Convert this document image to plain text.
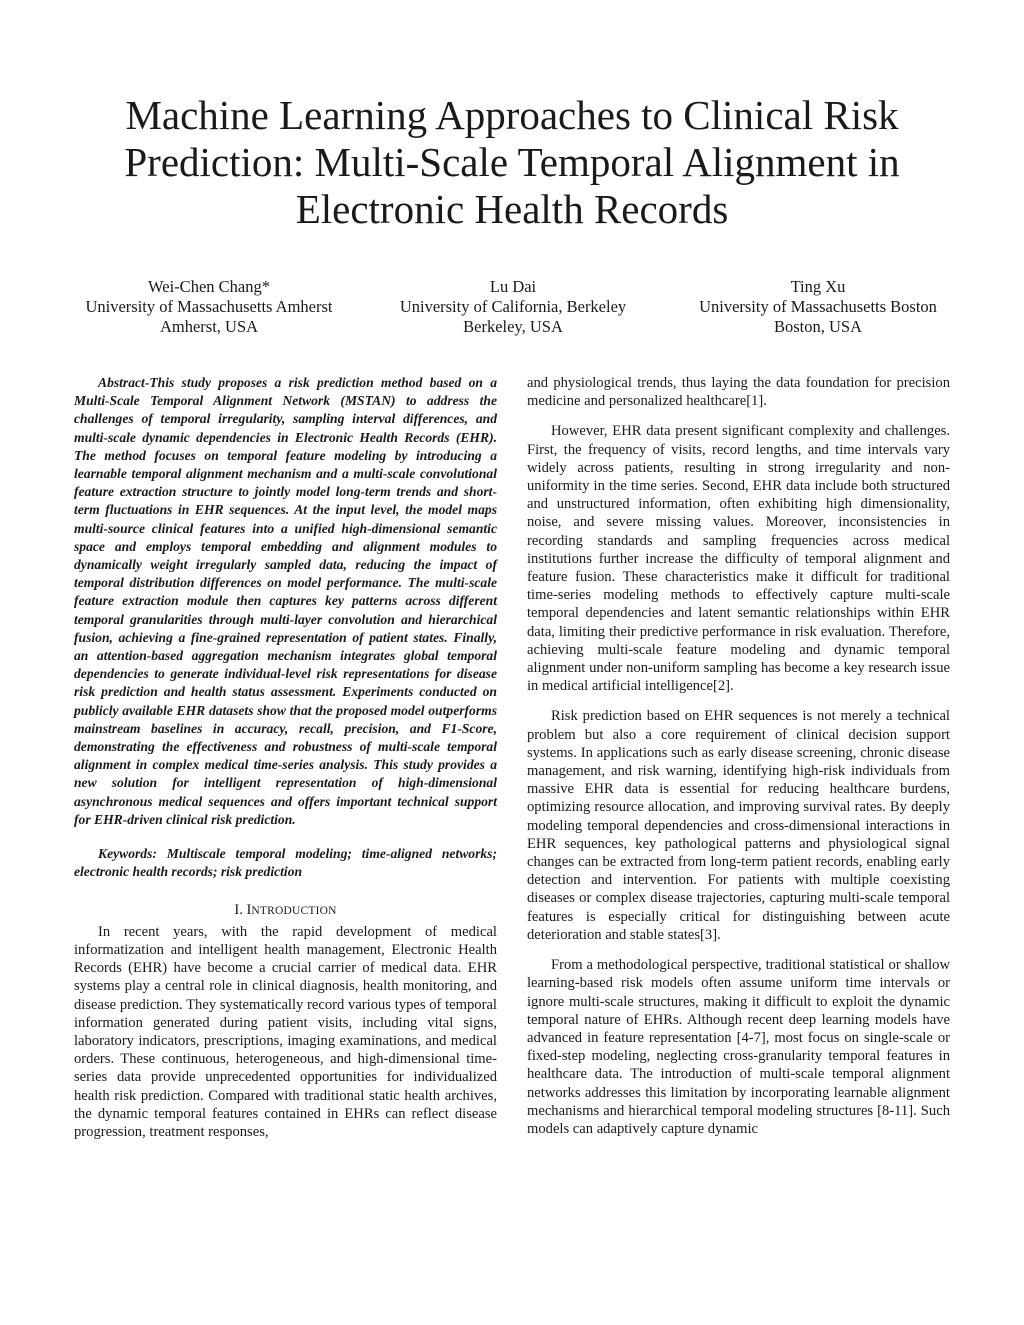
Machine Learning Approaches to Clinical Risk
Prediction: Multi-Scale Temporal Alignment in
Electronic Health Records
Wei-Chen Chang*
University of Massachusetts Amherst
Amherst, USA
Lu Dai
University of California, Berkeley
Berkeley, USA
Ting Xu
University of Massachusetts Boston
Boston, USA

Abstract-This study proposes a risk prediction method based on a Multi-Scale Temporal Alignment Network (MSTAN) to address the challenges of temporal irregularity, sampling interval differences, and multi-scale dynamic dependencies in Electronic Health Records (EHR). The method focuses on temporal feature modeling by introducing a learnable temporal alignment mechanism and a multi-scale convolutional feature extraction structure to jointly model long-term trends and short-term fluctuations in EHR sequences. At the input level, the model maps multi-source clinical features into a unified high-dimensional semantic space and employs temporal embedding and alignment modules to dynamically weight irregularly sampled data, reducing the impact of temporal distribution differences on model performance. The multi-scale feature extraction module then captures key patterns across different temporal granularities through multi-layer convolution and hierarchical fusion, achieving a fine-grained representation of patient states. Finally, an attention-based aggregation mechanism integrates global temporal dependencies to generate individual-level risk representations for disease risk prediction and health status assessment. Experiments conducted on publicly available EHR datasets show that the proposed model outperforms mainstream baselines in accuracy, recall, precision, and F1-Score, demonstrating the effectiveness and robustness of multi-scale temporal alignment in complex medical time-series analysis. This study provides a new solution for intelligent representation of high-dimensional asynchronous medical sequences and offers important technical support for EHR-driven clinical risk prediction.

Keywords: Multiscale temporal modeling; time-aligned networks; electronic health records; risk prediction

I. INTRODUCTION

In recent years, with the rapid development of medical informatization and intelligent health management, Electronic Health Records (EHR) have become a crucial carrier of medical data. EHR systems play a central role in clinical diagnosis, health monitoring, and disease prediction. They systematically record various types of temporal information generated during patient visits, including vital signs, laboratory indicators, prescriptions, imaging examinations, and medical orders. These continuous, heterogeneous, and high-dimensional time-series data provide unprecedented opportunities for individualized health risk prediction. Compared with traditional static health archives, the dynamic temporal features contained in EHRs can reflect disease progression, treatment responses,

and physiological trends, thus laying the data foundation for precision medicine and personalized healthcare[1].

However, EHR data present significant complexity and challenges. First, the frequency of visits, record lengths, and time intervals vary widely across patients, resulting in strong irregularity and non-uniformity in the time series. Second, EHR data include both structured and unstructured information, often exhibiting high dimensionality, noise, and severe missing values. Moreover, inconsistencies in recording standards and sampling frequencies across medical institutions further increase the difficulty of temporal alignment and feature fusion. These characteristics make it difficult for traditional time-series modeling methods to effectively capture multi-scale temporal dependencies and latent semantic relationships within EHR data, limiting their predictive performance in risk evaluation. Therefore, achieving multi-scale feature modeling and dynamic temporal alignment under non-uniform sampling has become a key research issue in medical artificial intelligence[2].

Risk prediction based on EHR sequences is not merely a technical problem but also a core requirement of clinical decision support systems. In applications such as early disease screening, chronic disease management, and risk warning, identifying high-risk individuals from massive EHR data is essential for reducing healthcare burdens, optimizing resource allocation, and improving survival rates. By deeply modeling temporal dependencies and cross-dimensional interactions in EHR sequences, key pathological patterns and physiological signal changes can be extracted from long-term patient records, enabling early detection and intervention. For patients with multiple coexisting diseases or complex disease trajectories, capturing multi-scale temporal features is especially critical for distinguishing between acute deterioration and stable states[3].

From a methodological perspective, traditional statistical or shallow learning-based risk models often assume uniform time intervals or ignore multi-scale structures, making it difficult to exploit the dynamic temporal nature of EHRs. Although recent deep learning models have advanced in feature representation [4-7], most focus on single-scale or fixed-step modeling, neglecting cross-granularity temporal features in healthcare data. The introduction of multi-scale temporal alignment networks addresses this limitation by incorporating learnable alignment mechanisms and hierarchical temporal modeling structures [8-11]. Such models can adaptively capture dynamic
